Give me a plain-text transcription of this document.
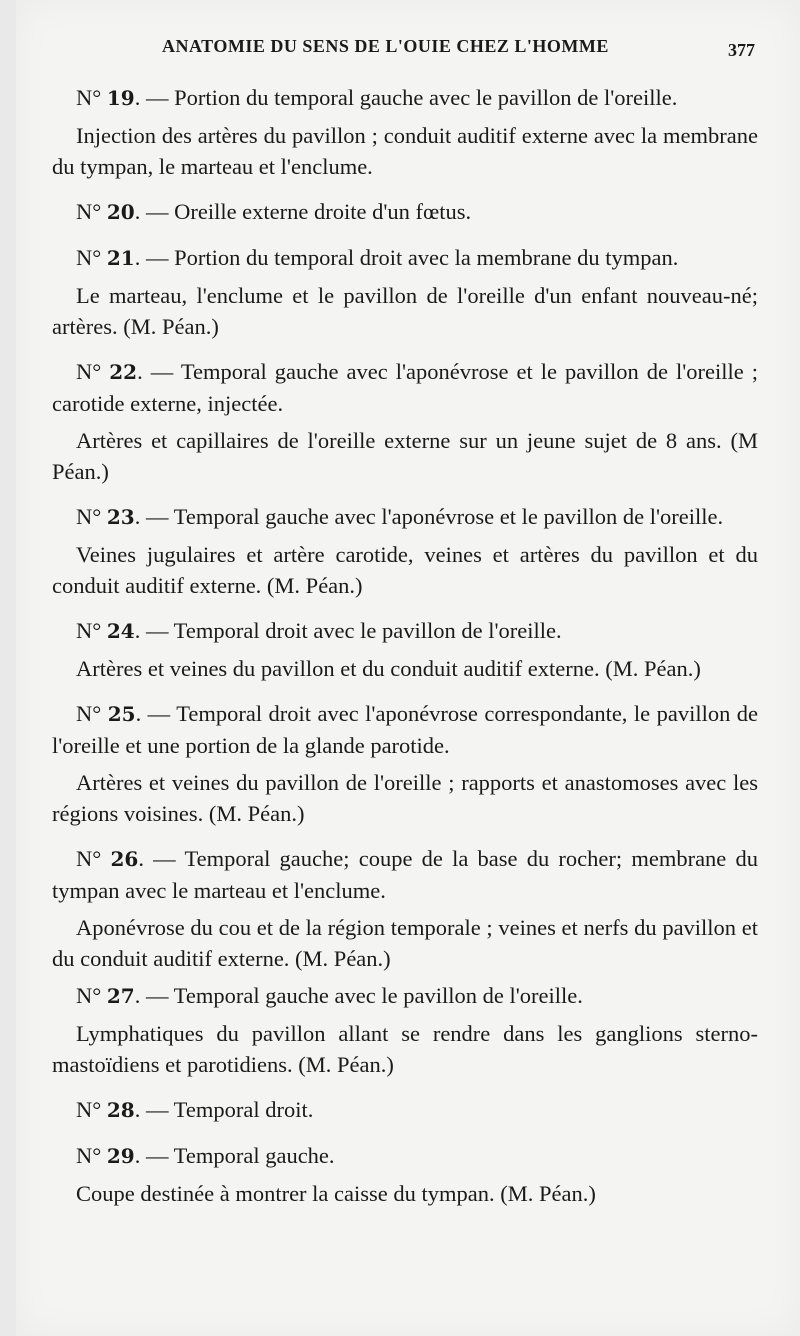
ANATOMIE DU SENS DE L'OUIE CHEZ L'HOMME	377
N° 19. — Portion du temporal gauche avec le pavillon de l'oreille.
Injection des artères du pavillon ; conduit auditif externe avec la membrane du tympan, le marteau et l'enclume.
N° 20. — Oreille externe droite d'un fœtus.
N° 21. — Portion du temporal droit avec la membrane du tympan.
Le marteau, l'enclume et le pavillon de l'oreille d'un enfant nouveau-né; artères. (M. Péan.)
N° 22. — Temporal gauche avec l'aponévrose et le pavillon de l'oreille ; carotide externe, injectée.
Artères et capillaires de l'oreille externe sur un jeune sujet de 8 ans. (M Péan.)
N° 23. — Temporal gauche avec l'aponévrose et le pavillon de l'oreille.
Veines jugulaires et artère carotide, veines et artères du pavillon et du conduit auditif externe. (M. Péan.)
N° 24. — Temporal droit avec le pavillon de l'oreille.
Artères et veines du pavillon et du conduit auditif externe. (M. Péan.)
N° 25. — Temporal droit avec l'aponévrose correspondante, le pavillon de l'oreille et une portion de la glande parotide.
Artères et veines du pavillon de l'oreille ; rapports et anastomoses avec les régions voisines. (M. Péan.)
N° 26. — Temporal gauche; coupe de la base du rocher; membrane du tympan avec le marteau et l'enclume.
Aponévrose du cou et de la région temporale ; veines et nerfs du pavillon et du conduit auditif externe. (M. Péan.)
N° 27. — Temporal gauche avec le pavillon de l'oreille.
Lymphatiques du pavillon allant se rendre dans les ganglions sterno- mastoïdiens et parotidiens. (M. Péan.)
N° 28. — Temporal droit.
N° 29. — Temporal gauche.
Coupe destinée à montrer la caisse du tympan. (M. Péan.)
